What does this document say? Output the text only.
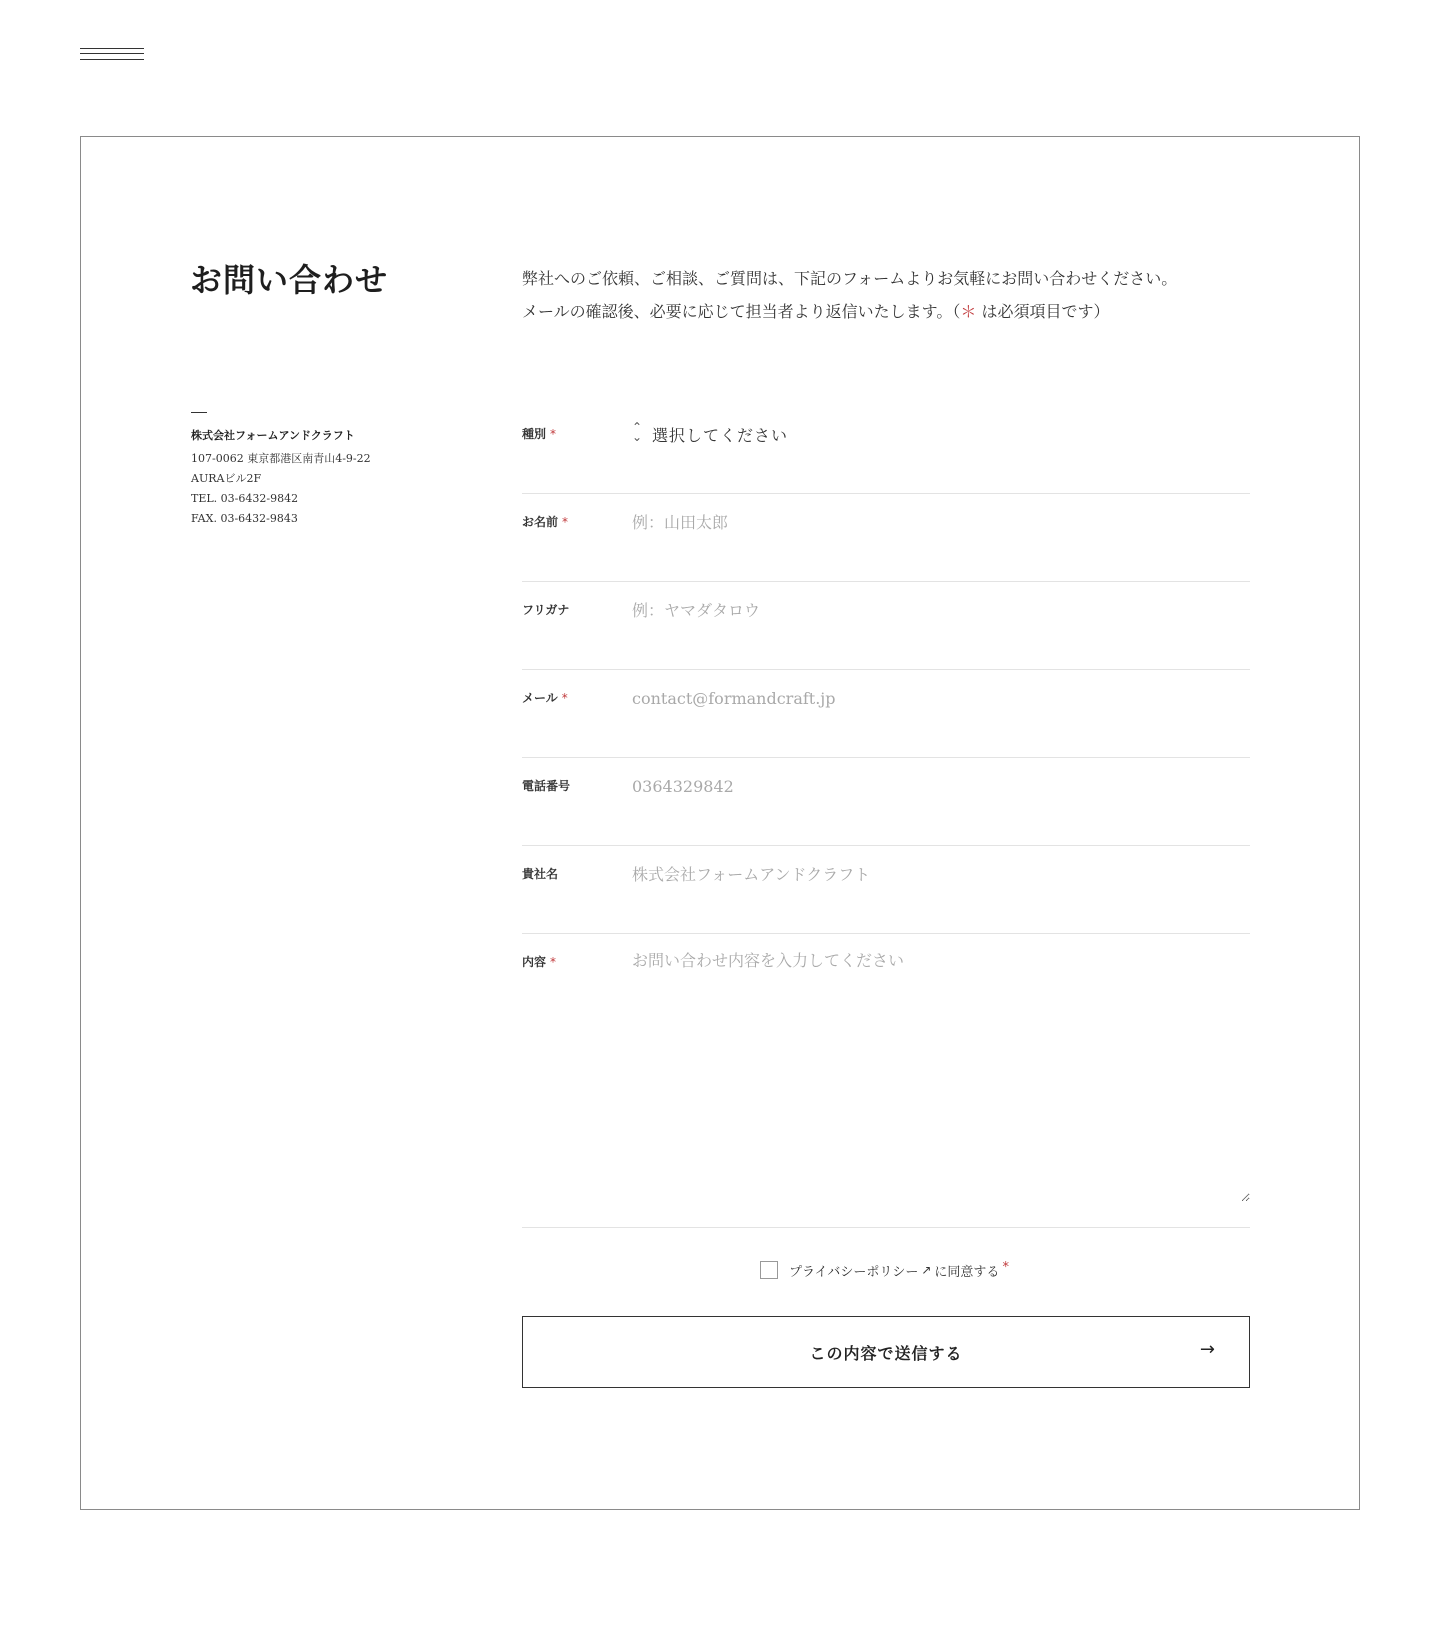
お問い合わせ	弊社へのご依頼、ご相談、ご質問は、下記のフォームよりお気軽にお問い合わせください。
メールの確認後、必要に応じて担当者より返信いたします。（＊ は必須項目です）

株式会社フォームアンドクラフト
107-0062 東京都港区南青山4-9-22
AURAビル2F
TEL. 03-6432-9842
FAX. 03-6432-9843
種別 *	⌃
⌄ 選択してください
お名前 *
例：山田太郎
フリガナ
例：ヤマダタロウ
メール *
contact@formandcraft.jp
電話番号
0364329842
貴社名
株式会社フォームアンドクラフト
内容 *
お問い合わせ内容を入力してください
プライバシーポリシー ↗ に同意する *
この内容で送信する	→
